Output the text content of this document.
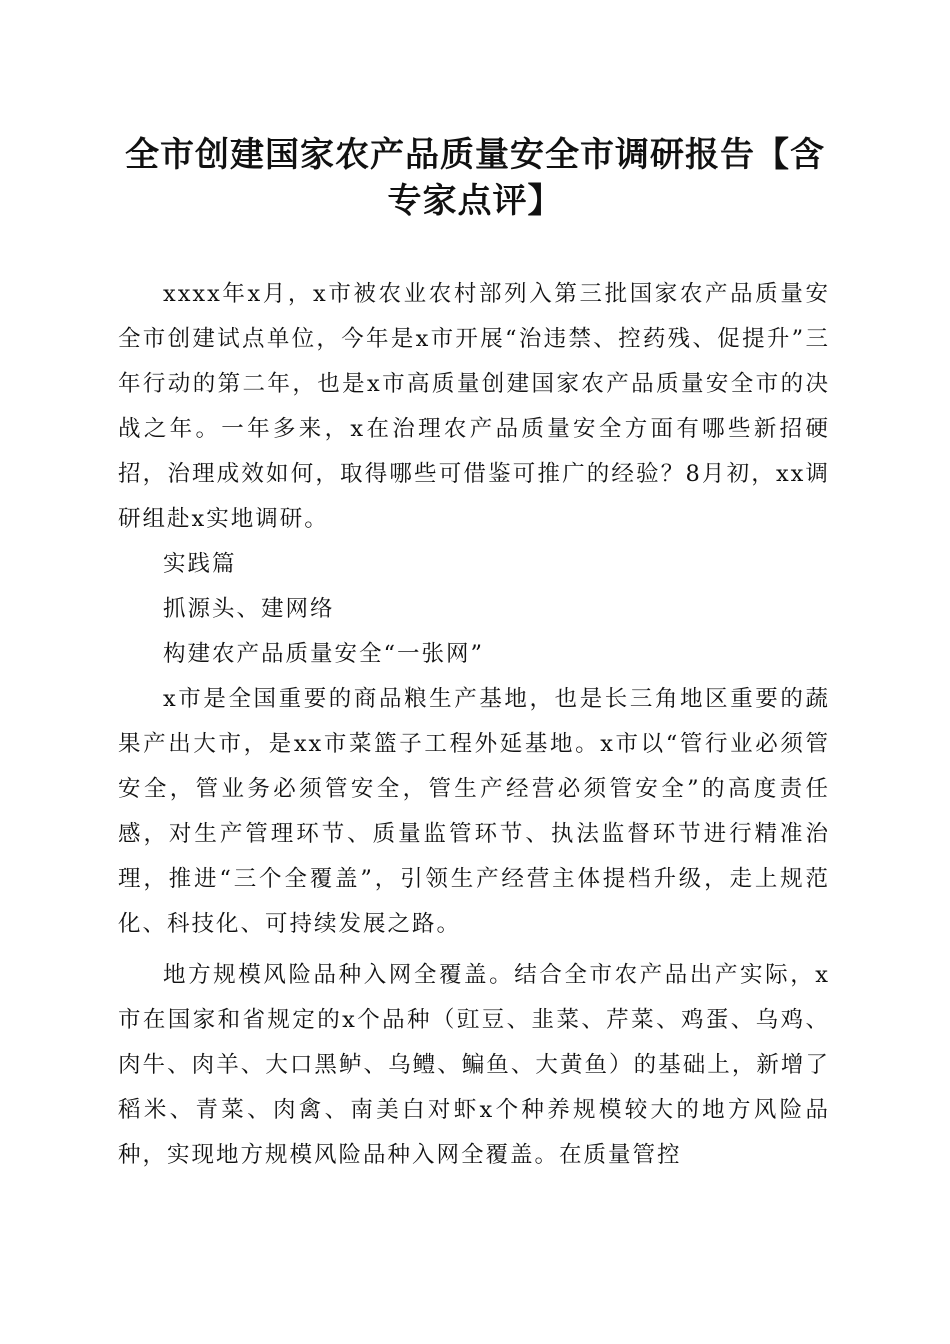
全市创建国家农产品质量安全市调研报告【含专家点评】

xxxx年x月，x市被农业农村部列入第三批国家农产品质量安全市创建试点单位，今年是x市开展“治违禁、控药残、促提升”三年行动的第二年，也是x市高质量创建国家农产品质量安全市的决战之年。一年多来，x在治理农产品质量安全方面有哪些新招硬招，治理成效如何，取得哪些可借鉴可推广的经验？8月初，xx调研组赴x实地调研。

实践篇

抓源头、建网络

构建农产品质量安全“一张网”

x市是全国重要的商品粮生产基地，也是长三角地区重要的蔬果产出大市，是xx市菜篮子工程外延基地。x市以“管行业必须管安全，管业务必须管安全，管生产经营必须管安全”的高度责任感，对生产管理环节、质量监管环节、执法监督环节进行精准治理，推进“三个全覆盖”，引领生产经营主体提档升级，走上规范化、科技化、可持续发展之路。

地方规模风险品种入网全覆盖。结合全市农产品出产实际，x市在国家和省规定的x个品种（豇豆、韭菜、芹菜、鸡蛋、乌鸡、肉牛、肉羊、大口黑鲈、乌鳢、鳊鱼、大黄鱼）的基础上，新增了稻米、青菜、肉禽、南美白对虾x个种养规模较大的地方风险品种，实现地方规模风险品种入网全覆盖。在质量管控
